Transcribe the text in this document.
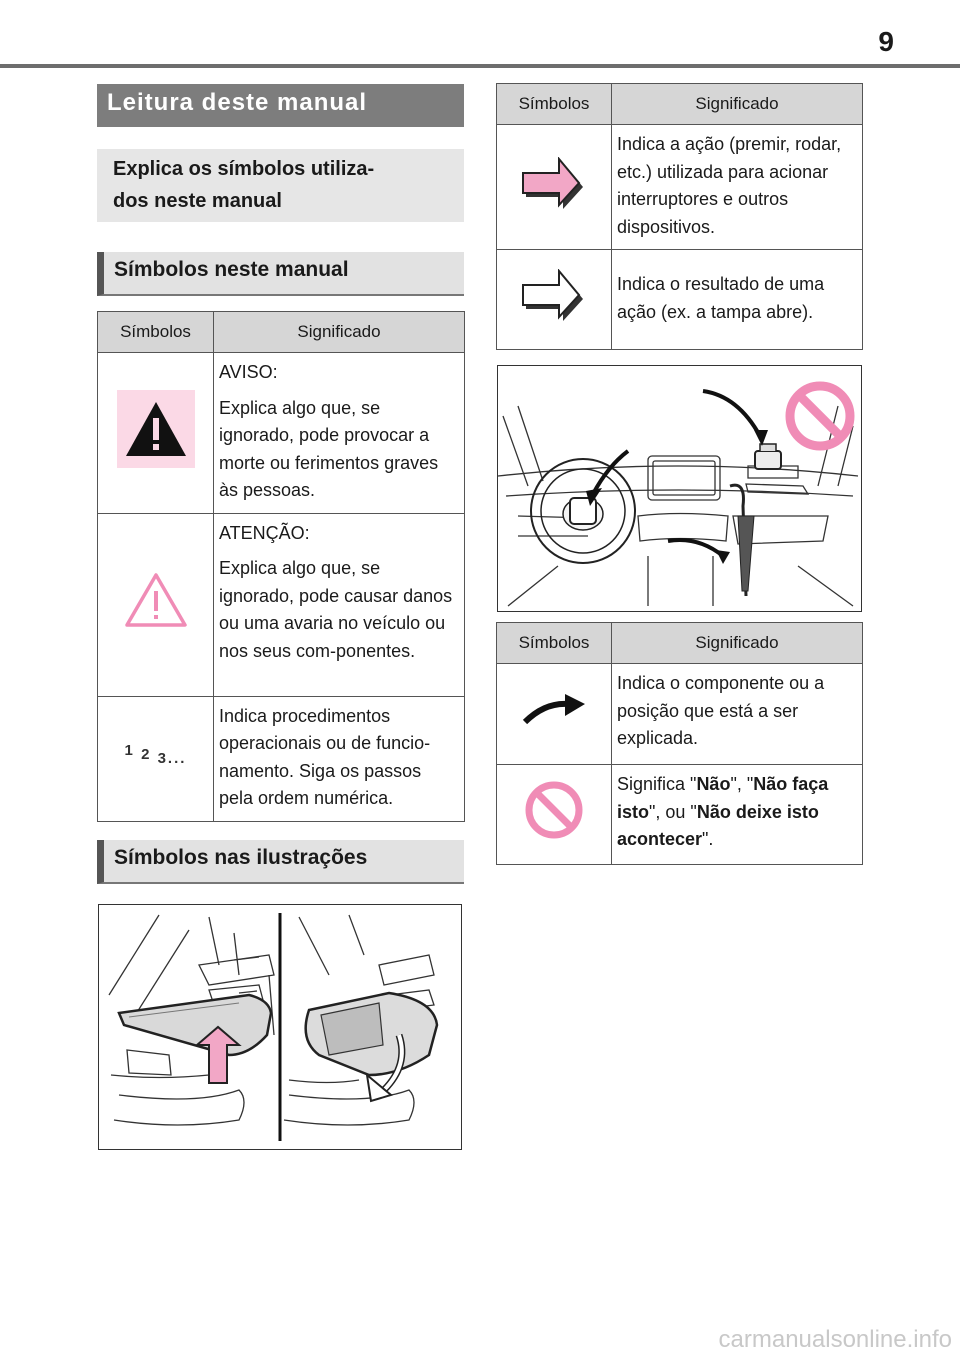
9
Leitura deste manual
Explica os símbolos utiliza-
dos neste manual
Símbolos neste manual
Símbolos	Significado

AVISO:
Explica algo que, se ignorado, pode provocar a morte ou ferimentos graves às pessoas.

ATENÇÃO:
Explica algo que, se ignorado, pode causar danos ou uma avaria no veículo ou nos seus com-ponentes.

1 2 3...	Indica procedimentos operacionais ou de funcio-namento. Siga os passos pela ordem numérica.
Símbolos nas ilustrações
Símbolos	Significado

Indica a ação (premir, rodar, etc.) utilizada para acionar interruptores e outros dispositivos.

Indica o resultado de uma ação (ex. a tampa abre).
Símbolos	Significado

Indica o componente ou a posição que está a ser explicada.

Significa "Não", "Não faça isto", ou "Não deixe isto acontecer".
carmanualsonline.info
